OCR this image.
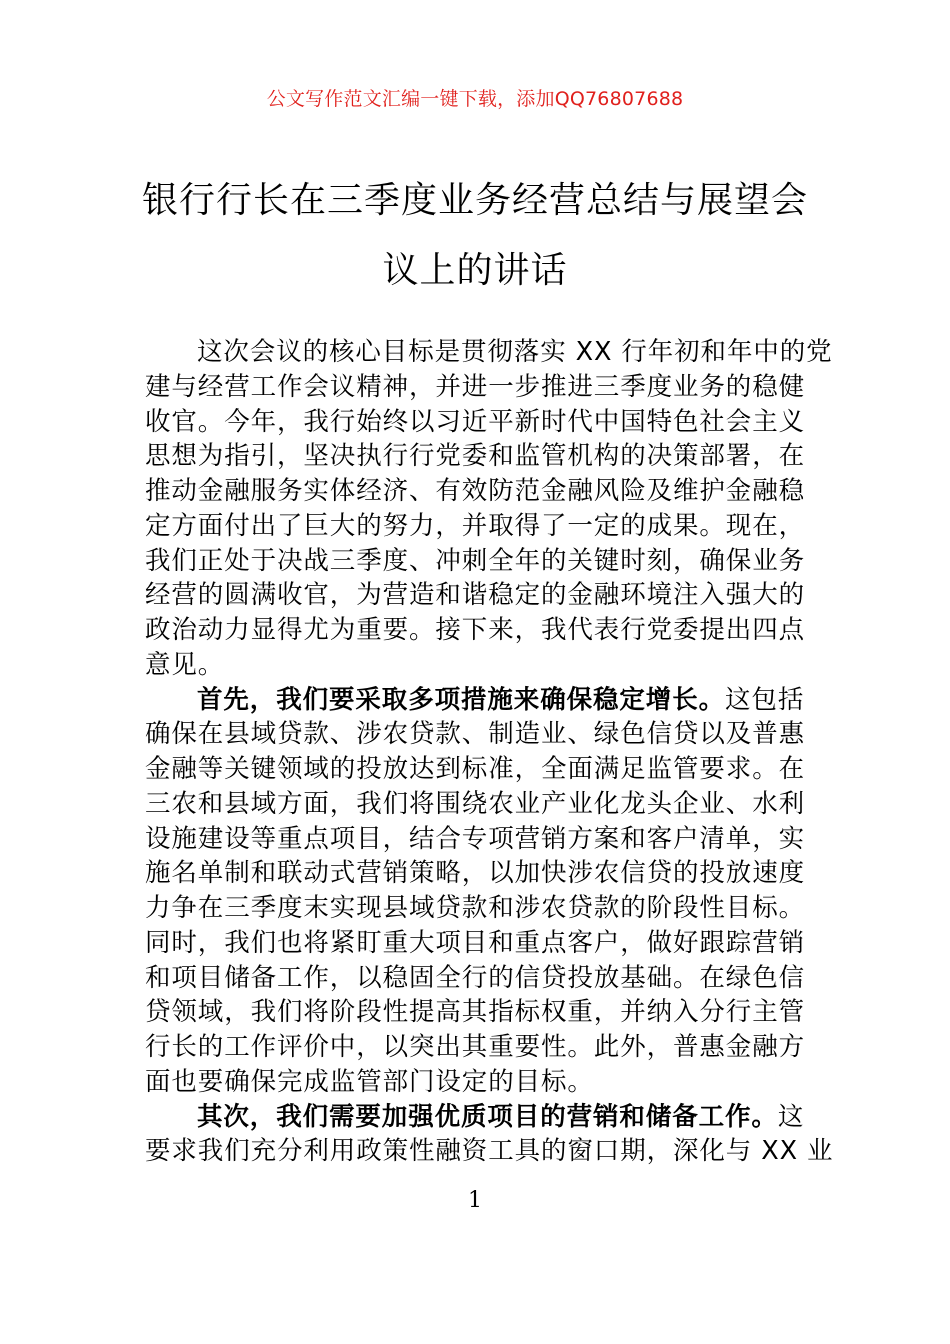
公文写作范文汇编一键下载，添加QQ76807688
银行行长在三季度业务经营总结与展望会
议上的讲话
这次会议的核心目标是贯彻落实 XX 行年初和年中的党
建与经营工作会议精神，并进一步推进三季度业务的稳健
收官。今年，我行始终以习近平新时代中国特色社会主义
思想为指引，坚决执行行党委和监管机构的决策部署，在
推动金融服务实体经济、有效防范金融风险及维护金融稳
定方面付出了巨大的努力，并取得了一定的成果。现在，
我们正处于决战三季度、冲刺全年的关键时刻，确保业务
经营的圆满收官，为营造和谐稳定的金融环境注入强大的
政治动力显得尤为重要。接下来，我代表行党委提出四点
意见。
首先，我们要采取多项措施来确保稳定增长。这包括
确保在县域贷款、涉农贷款、制造业、绿色信贷以及普惠
金融等关键领域的投放达到标准，全面满足监管要求。在
三农和县域方面，我们将围绕农业产业化龙头企业、水利
设施建设等重点项目，结合专项营销方案和客户清单，实
施名单制和联动式营销策略，以加快涉农信贷的投放速度
力争在三季度末实现县域贷款和涉农贷款的阶段性目标。
同时，我们也将紧盯重大项目和重点客户，做好跟踪营销
和项目储备工作，以稳固全行的信贷投放基础。在绿色信
贷领域，我们将阶段性提高其指标权重，并纳入分行主管
行长的工作评价中，以突出其重要性。此外，普惠金融方
面也要确保完成监管部门设定的目标。
其次，我们需要加强优质项目的营销和储备工作。这
要求我们充分利用政策性融资工具的窗口期，深化与 XX 业
1
